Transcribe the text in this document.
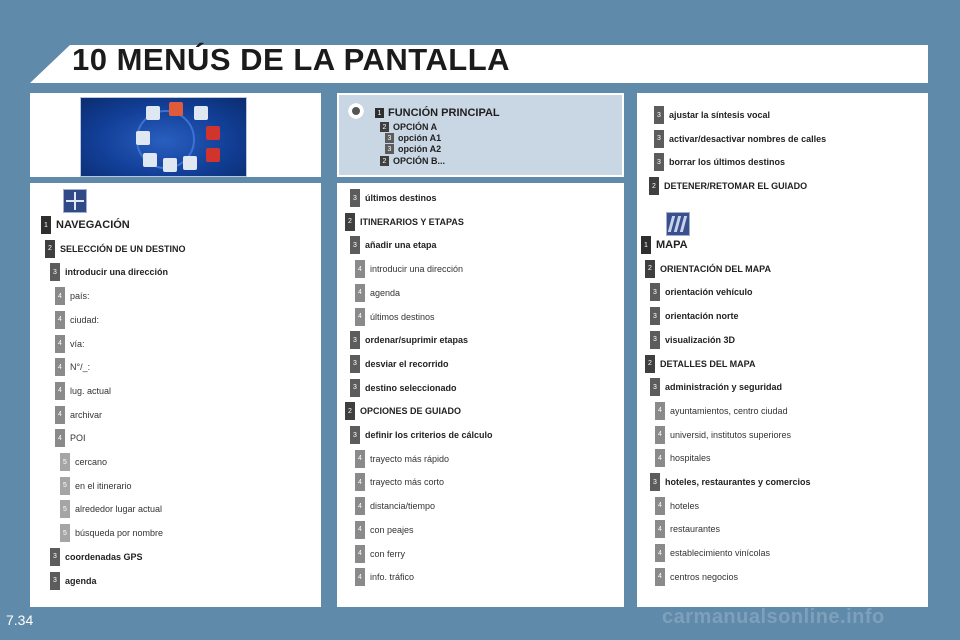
10 MENÚS DE LA PANTALLA
1 FUNCIÓN PRINCIPAL
2 OPCIÓN A
3 opción A1
3 opción A2
2 OPCIÓN B...
1 NAVEGACIÓN
2 SELECCIÓN DE UN DESTINO
3 introducir una dirección
4 país:
4 ciudad:
4 vía:
4 N°/_:
4 lug. actual
4 archivar
4 POI
5 cercano
5 en el itinerario
5 alrededor lugar actual
5 búsqueda por nombre
3 coordenadas GPS
3 agenda
3 últimos destinos
2 ITINERARIOS Y ETAPAS
3 añadir una etapa
4 introducir una dirección
4 agenda
4 últimos destinos
3 ordenar/suprimir etapas
3 desviar el recorrido
3 destino seleccionado
2 OPCIONES DE GUIADO
3 definir los criterios de cálculo
4 trayecto más rápido
4 trayecto más corto
4 distancia/tiempo
4 con peajes
4 con ferry
4 info. tráfico
3 ajustar la síntesis vocal
3 activar/desactivar nombres de calles
3 borrar los últimos destinos
2 DETENER/RETOMAR EL GUIADO
1 MAPA
2 ORIENTACIÓN DEL MAPA
3 orientación vehículo
3 orientación norte
3 visualización 3D
2 DETALLES DEL MAPA
3 administración y seguridad
4 ayuntamientos, centro ciudad
4 universid, institutos superiores
4 hospitales
3 hoteles, restaurantes y comercios
4 hoteles
4 restaurantes
4 establecimiento vinícolas
4 centros negocios
7.34	carmanualsonline.info
